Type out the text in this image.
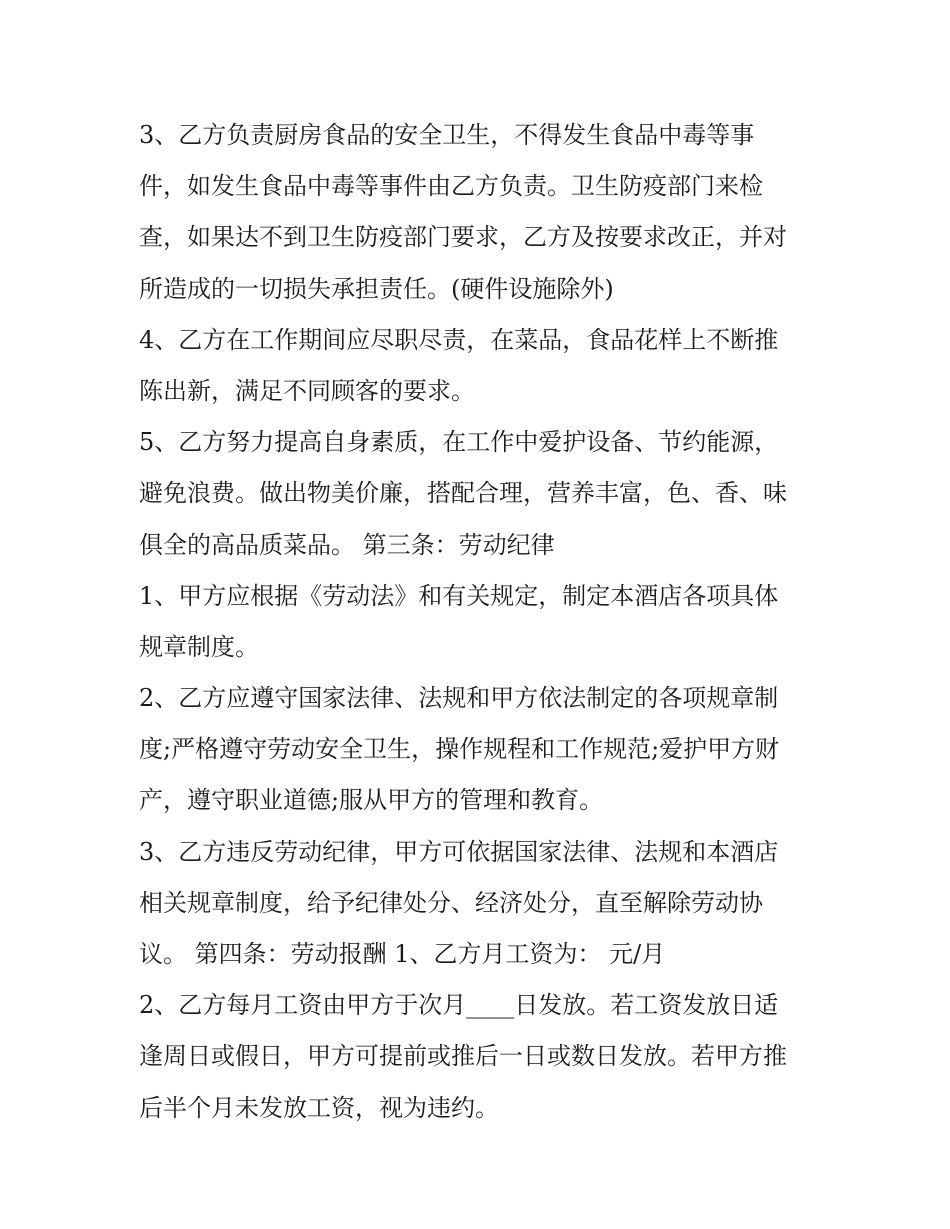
3、乙方负责厨房食品的安全卫生，不得发生食品中毒等事
件，如发生食品中毒等事件由乙方负责。卫生防疫部门来检
查，如果达不到卫生防疫部门要求，乙方及按要求改正，并对
所造成的一切损失承担责任。(硬件设施除外)
4、乙方在工作期间应尽职尽责，在菜品，食品花样上不断推
陈出新，满足不同顾客的要求。
5、乙方努力提高自身素质，在工作中爱护设备、节约能源，
避免浪费。做出物美价廉，搭配合理，营养丰富，色、香、味
俱全的高品质菜品。 第三条：劳动纪律
1、甲方应根据《劳动法》和有关规定，制定本酒店各项具体
规章制度。
2、乙方应遵守国家法律、法规和甲方依法制定的各项规章制
度;严格遵守劳动安全卫生，操作规程和工作规范;爱护甲方财
产，遵守职业道德;服从甲方的管理和教育。
3、乙方违反劳动纪律，甲方可依据国家法律、法规和本酒店
相关规章制度，给予纪律处分、经济处分，直至解除劳动协
议。 第四条：劳动报酬 1、乙方月工资为： 元/月
2、乙方每月工资由甲方于次月____日发放。若工资发放日适
逢周日或假日，甲方可提前或推后一日或数日发放。若甲方推
后半个月未发放工资，视为违约。
